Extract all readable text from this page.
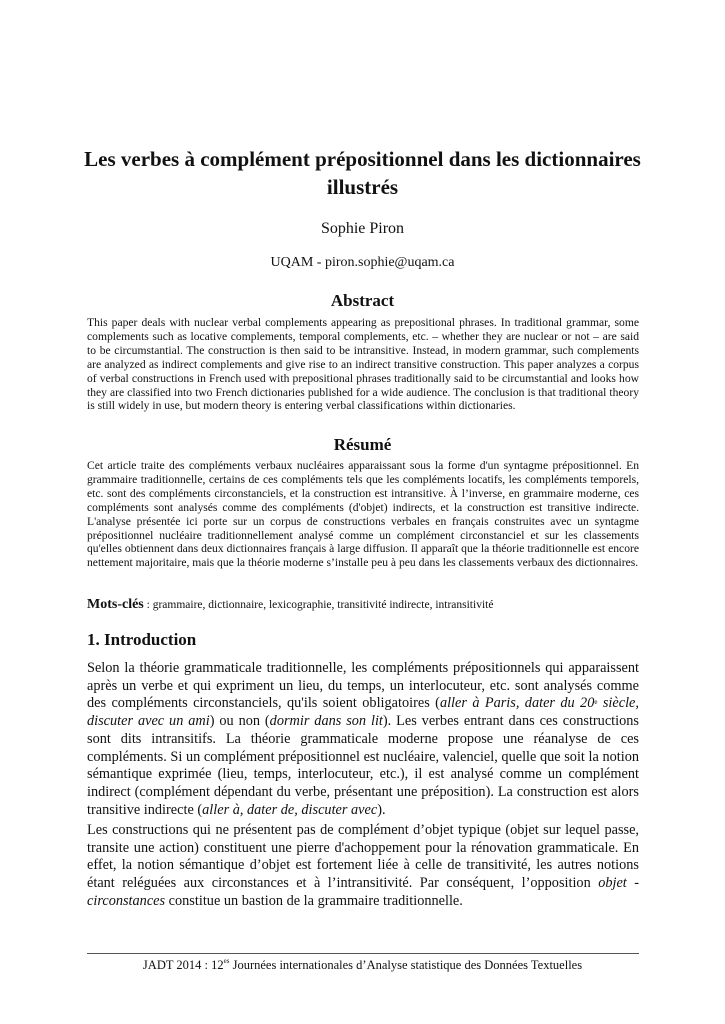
Les verbes à complément prépositionnel dans les dictionnaires illustrés
Sophie Piron
UQAM - piron.sophie@uqam.ca
Abstract
This paper deals with nuclear verbal complements appearing as prepositional phrases. In traditional grammar, some complements such as locative complements, temporal complements, etc. – whether they are nuclear or not – are said to be circumstantial. The construction is then said to be intransitive. Instead, in modern grammar, such complements are analyzed as indirect complements and give rise to an indirect transitive construction. This paper analyzes a corpus of verbal constructions in French used with prepositional phrases traditionally said to be circumstantial and looks how they are classified into two French dictionaries published for a wide audience. The conclusion is that traditional theory is still widely in use, but modern theory is entering verbal classifications within dictionaries.
Résumé
Cet article traite des compléments verbaux nucléaires apparaissant sous la forme d'un syntagme prépositionnel. En grammaire traditionnelle, certains de ces compléments tels que les compléments locatifs, les compléments temporels, etc. sont des compléments circonstanciels, et la construction est intransitive. À l’inverse, en grammaire moderne, ces compléments sont analysés comme des compléments (d'objet) indirects, et la construction est transitive indirecte. L'analyse présentée ici porte sur un corpus de constructions verbales en français construites avec un syntagme prépositionnel nucléaire traditionnellement analysé comme un complément circonstanciel et sur les classements qu'elles obtiennent dans deux dictionnaires français à large diffusion. Il apparaît que la théorie traditionnelle est encore nettement majoritaire, mais que la théorie moderne s’installe peu à peu dans les classements verbaux des dictionnaires.
Mots-clés : grammaire, dictionnaire, lexicographie, transitivité indirecte, intransitivité
1. Introduction
Selon la théorie grammaticale traditionnelle, les compléments prépositionnels qui apparaissent après un verbe et qui expriment un lieu, du temps, un interlocuteur, etc. sont analysés comme des compléments circonstanciels, qu'ils soient obligatoires (aller à Paris, dater du 20e siècle, discuter avec un ami) ou non (dormir dans son lit). Les verbes entrant dans ces constructions sont dits intransitifs. La théorie grammaticale moderne propose une réanalyse de ces compléments. Si un complément prépositionnel est nucléaire, valenciel, quelle que soit la notion sémantique exprimée (lieu, temps, interlocuteur, etc.), il est analysé comme un complément indirect (complément dépendant du verbe, présentant une préposition). La construction est alors transitive indirecte (aller à, dater de, discuter avec).
Les constructions qui ne présentent pas de complément d’objet typique (objet sur lequel passe, transite une action) constituent une pierre d'achoppement pour la rénovation grammaticale. En effet, la notion sémantique d’objet est fortement liée à celle de transitivité, les autres notions étant reléguées aux circonstances et à l’intransitivité. Par conséquent, l’opposition objet - circonstances constitue un bastion de la grammaire traditionnelle.
JADT 2014 : $12^{es}$ Journées internationales d’Analyse statistique des Données Textuelles
